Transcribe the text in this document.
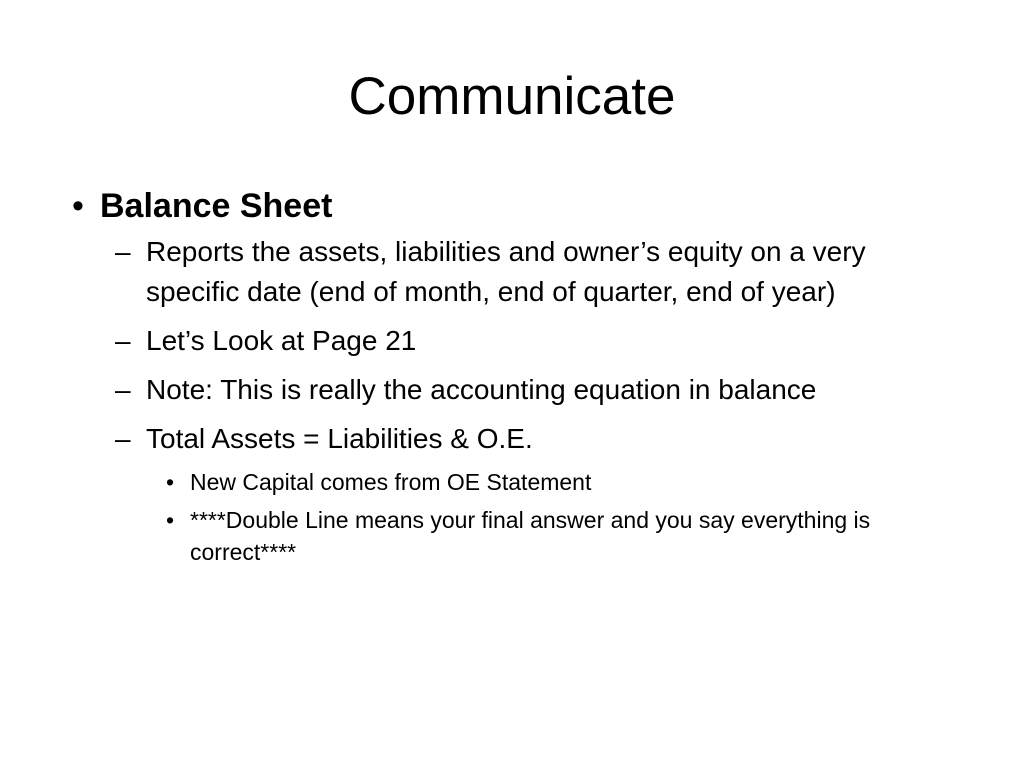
Communicate
• Balance Sheet
– Reports the assets, liabilities and owner’s equity on a very specific date (end of month, end of quarter, end of year)
– Let’s Look at Page 21
– Note: This is really the accounting equation in balance
– Total Assets = Liabilities & O.E.
• New Capital comes from OE Statement
• ****Double Line means your final answer and you say everything is correct****
